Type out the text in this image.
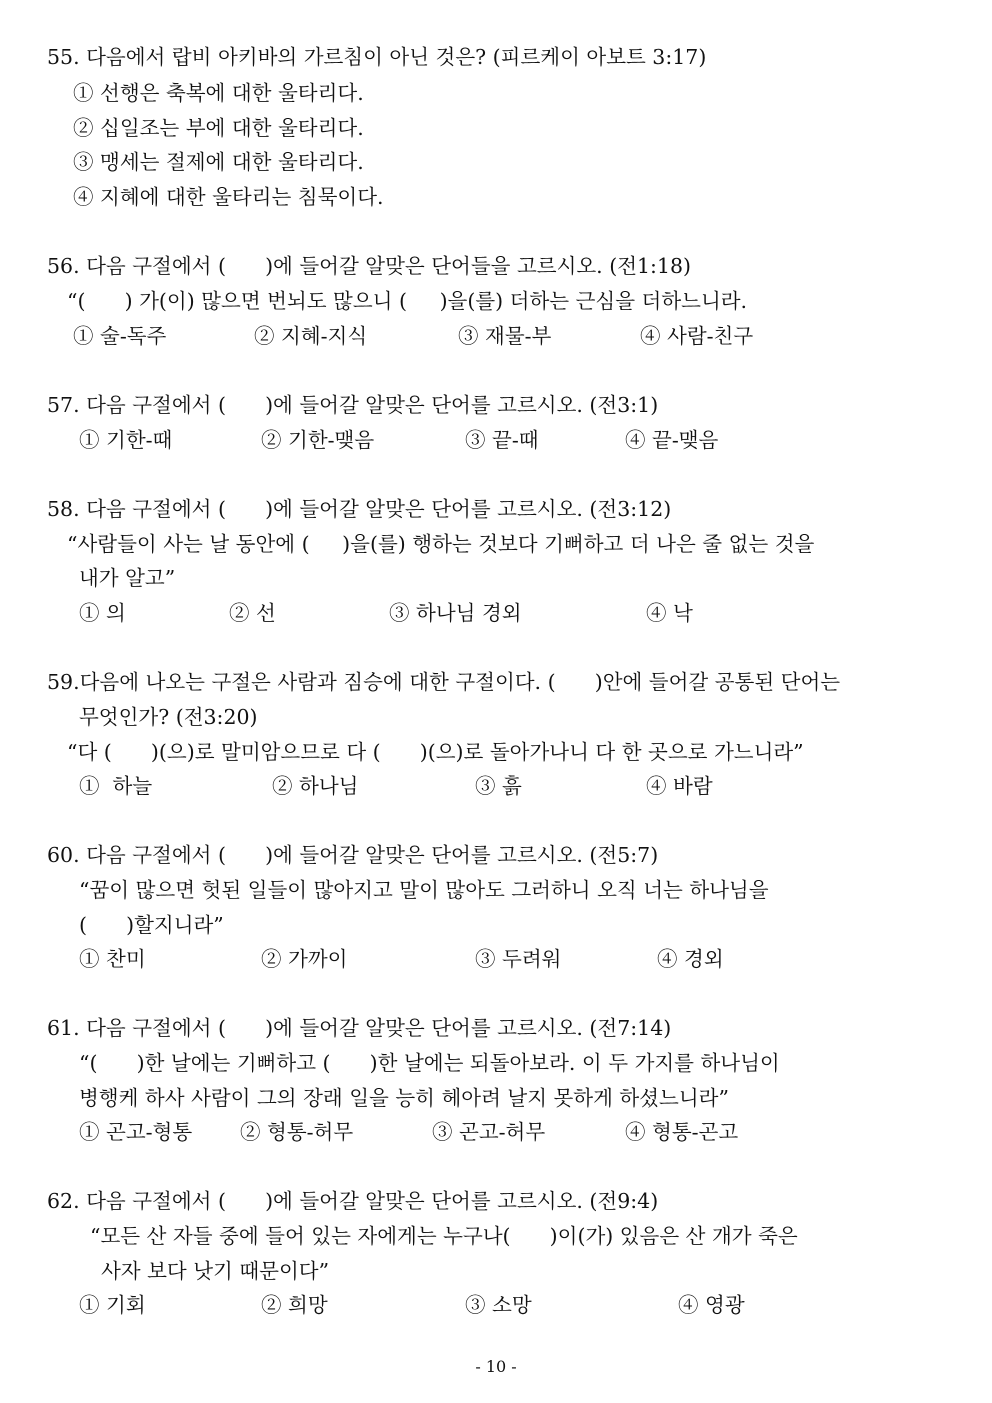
55. 다음에서 랍비 아키바의 가르침이 아닌 것은? (피르케이 아보트 3:17)
① 선행은 축복에 대한 울타리다.
② 십일조는 부에 대한 울타리다.
③ 맹세는 절제에 대한 울타리다.
④ 지혜에 대한 울타리는 침묵이다.
56. 다음 구절에서 (      )에 들어갈 알맞은 단어들을 고르시오. (전1:18)
“(      ) 가(이) 많으면 번뇌도 많으니 (     )을(를) 더하는 근심을 더하느니라.
① 술-독주	② 지혜-지식	③ 재물-부	④ 사람-친구
57. 다음 구절에서 (      )에 들어갈 알맞은 단어를 고르시오. (전3:1)
① 기한-때	② 기한-맺음	③ 끝-때	④ 끝-맺음
58. 다음 구절에서 (      )에 들어갈 알맞은 단어를 고르시오. (전3:12)
“사람들이 사는 날 동안에 (     )을(를) 행하는 것보다 기뻐하고 더 나은 줄 없는 것을
내가 알고”
① 의	② 선	③ 하나님 경외	④ 낙
59.다음에 나오는 구절은 사람과 짐승에 대한 구절이다. (      )안에 들어갈 공통된 단어는
무엇인가? (전3:20)
“다 (      )(으)로 말미암으므로 다 (      )(으)로 돌아가나니 다 한 곳으로 가느니라”
①  하늘	② 하나님	③ 흙	④ 바람
60. 다음 구절에서 (      )에 들어갈 알맞은 단어를 고르시오. (전5:7)
“꿈이 많으면 헛된 일들이 많아지고 말이 많아도 그러하니 오직 너는 하나님을
(      )할지니라”
① 찬미	② 가까이	③ 두려워	④ 경외
61. 다음 구절에서 (      )에 들어갈 알맞은 단어를 고르시오. (전7:14)
“(      )한 날에는 기뻐하고 (      )한 날에는 되돌아보라. 이 두 가지를 하나님이
병행케 하사 사람이 그의 장래 일을 능히 헤아려 날지 못하게 하셨느니라”
① 곤고-형통 ② 형통-허무	③ 곤고-허무	④ 형통-곤고
62. 다음 구절에서 (      )에 들어갈 알맞은 단어를 고르시오. (전9:4)
“모든 산 자들 중에 들어 있는 자에게는 누구나(      )이(가) 있음은 산 개가 죽은
사자 보다 낫기 때문이다”
① 기회	② 희망	③ 소망	④ 영광
- 10 -
